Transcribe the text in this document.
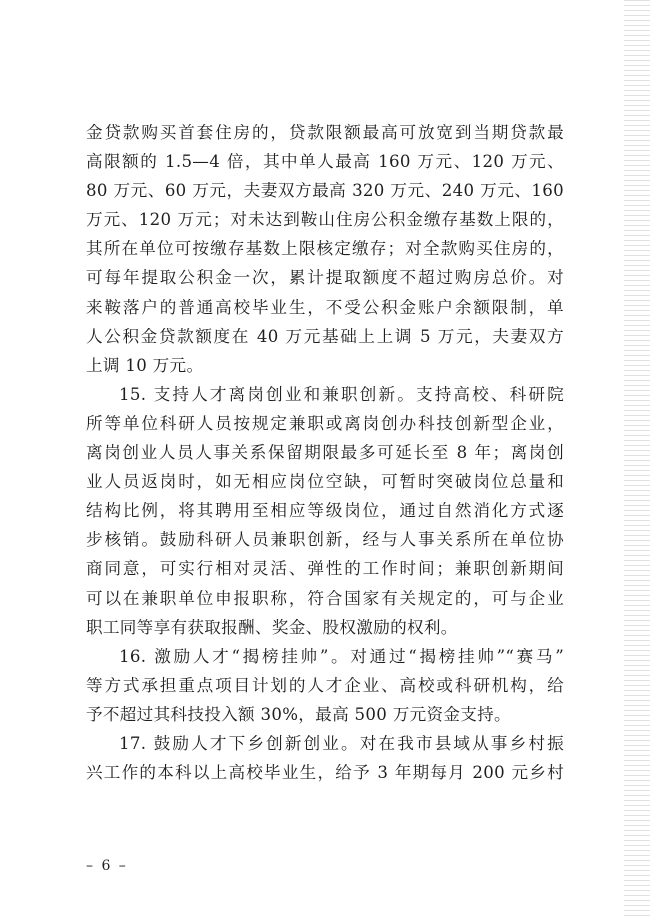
金贷款购买首套住房的，贷款限额最高可放宽到当期贷款最
高限额的 1.5—4 倍，其中单人最高 160 万元、120 万元、
80 万元、60 万元，夫妻双方最高 320 万元、240 万元、160
万元、120 万元；对未达到鞍山住房公积金缴存基数上限的，
其所在单位可按缴存基数上限核定缴存；对全款购买住房的，
可每年提取公积金一次，累计提取额度不超过购房总价。对
来鞍落户的普通高校毕业生，不受公积金账户余额限制，单
人公积金贷款额度在 40 万元基础上上调 5 万元，夫妻双方
上调 10 万元。
15. 支持人才离岗创业和兼职创新。支持高校、科研院
所等单位科研人员按规定兼职或离岗创办科技创新型企业，
离岗创业人员人事关系保留期限最多可延长至 8 年；离岗创
业人员返岗时，如无相应岗位空缺，可暂时突破岗位总量和
结构比例，将其聘用至相应等级岗位，通过自然消化方式逐
步核销。鼓励科研人员兼职创新，经与人事关系所在单位协
商同意，可实行相对灵活、弹性的工作时间；兼职创新期间
可以在兼职单位申报职称，符合国家有关规定的，可与企业
职工同等享有获取报酬、奖金、股权激励的权利。
16. 激励人才“揭榜挂帅”。对通过“揭榜挂帅”“赛马”
等方式承担重点项目计划的人才企业、高校或科研机构，给
予不超过其科技投入额 30%，最高 500 万元资金支持。
17. 鼓励人才下乡创新创业。对在我市县域从事乡村振
兴工作的本科以上高校毕业生，给予 3 年期每月 200 元乡村
– 6 –
